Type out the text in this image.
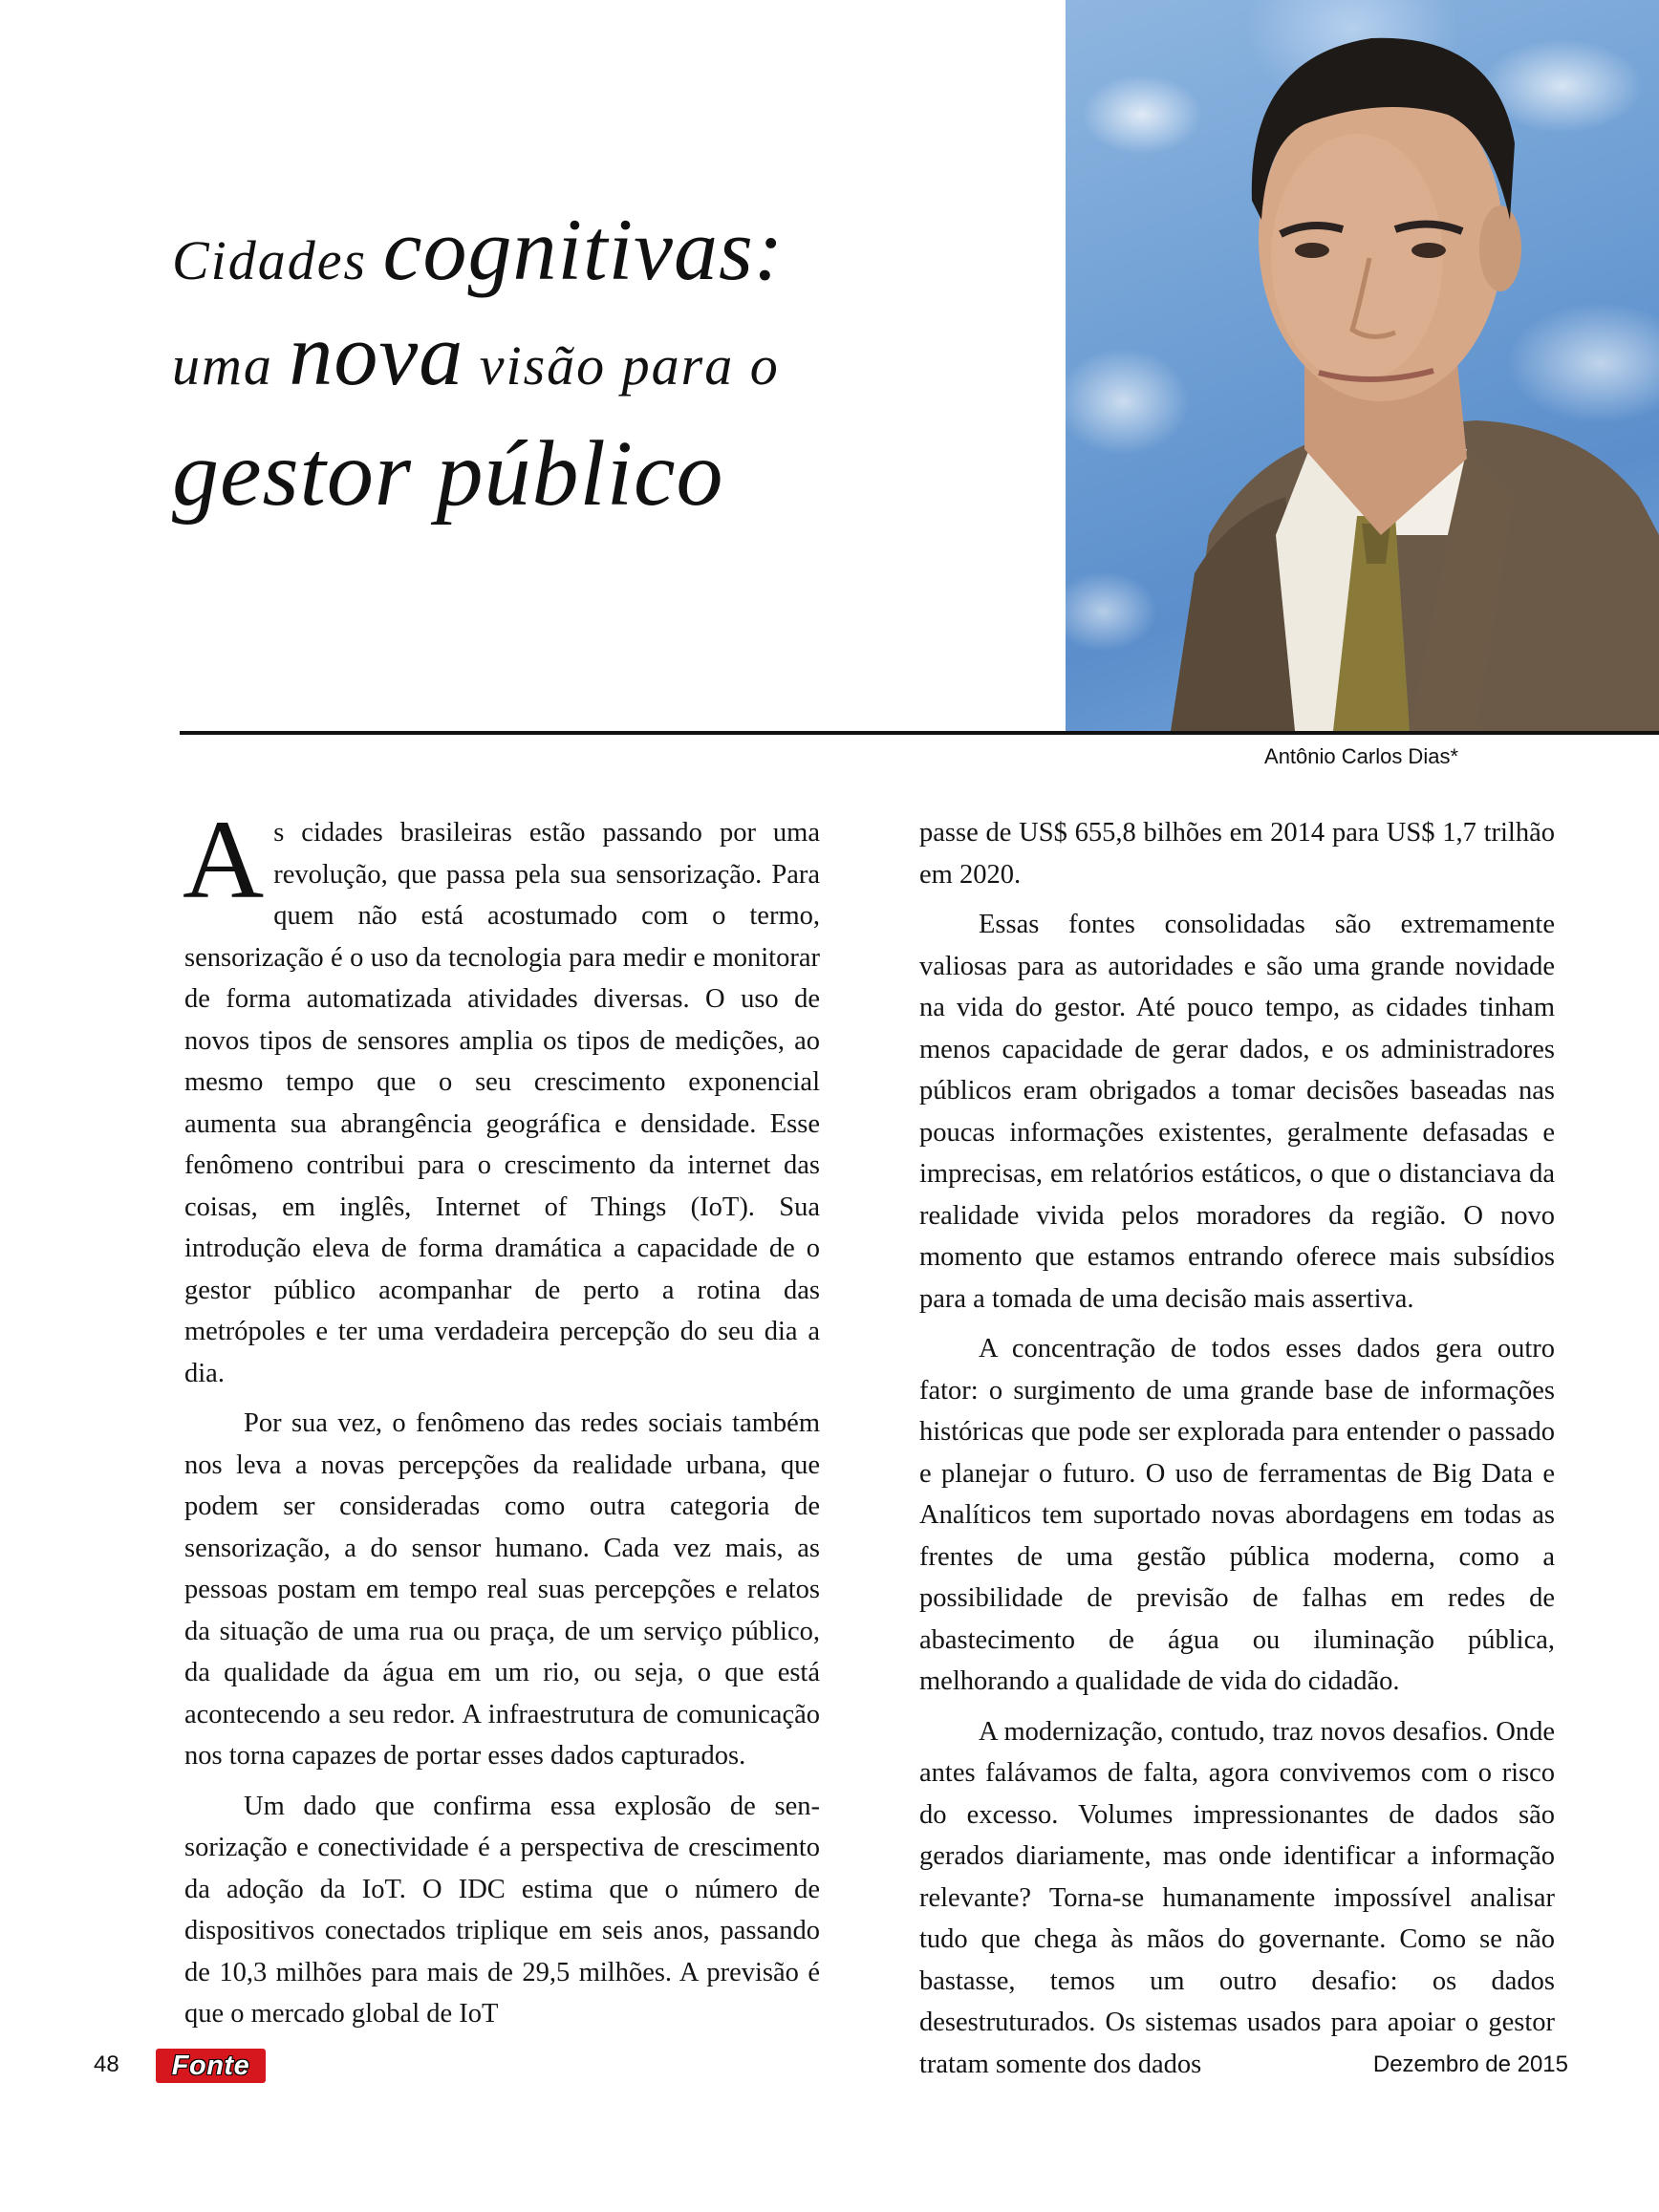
Cidades cognitivas:
uma nova visão para o
gestor público
Antônio Carlos Dias*

As cidades brasileiras estão passando por uma revolução, que passa pela sua sensorização. Para quem não está acostumado com o termo, sensorização é o uso da tecnologia para medir e monitorar de forma automatizada atividades diversas. O uso de novos tipos de sensores amplia os tipos de medições, ao mesmo tempo que o seu crescimento exponencial aumenta sua abrangência geográfica e densidade. Esse fenômeno contribui para o crescimento da internet das coisas, em inglês, Internet of Things (IoT). Sua introdução eleva de forma dramática a capacidade de o gestor público acompanhar de perto a rotina das metrópoles e ter uma verdadeira percepção do seu dia a dia.

Por sua vez, o fenômeno das redes sociais também nos leva a novas percepções da realidade urbana, que podem ser consideradas como outra categoria de sensorização, a do sensor humano. Cada vez mais, as pessoas postam em tempo real suas percepções e relatos da situação de uma rua ou praça, de um serviço público, da qualidade da água em um rio, ou seja, o que está acontecendo a seu redor. A infraestrutura de comunicação nos torna capazes de portar esses dados capturados.

Um dado que confirma essa explosão de sensorização e conectividade é a perspectiva de crescimento da adoção da IoT. O IDC estima que o número de dispositivos conectados triplique em seis anos, passando de 10,3 milhões para mais de 29,5 milhões. A previsão é que o mercado global de IoT

passe de US$ 655,8 bilhões em 2014 para US$ 1,7 trilhão em 2020.

Essas fontes consolidadas são extremamente valiosas para as autoridades e são uma grande novidade na vida do gestor. Até pouco tempo, as cidades tinham menos capacidade de gerar dados, e os administradores públicos eram obrigados a tomar decisões baseadas nas poucas informações existentes, geralmente defasadas e imprecisas, em relatórios estáticos, o que o distanciava da realidade vivida pelos moradores da região. O novo momento que estamos entrando oferece mais subsídios para a tomada de uma decisão mais assertiva.

A concentração de todos esses dados gera outro fator: o surgimento de uma grande base de informações históricas que pode ser explorada para entender o passado e planejar o futuro. O uso de ferramentas de Big Data e Analíticos tem suportado novas abordagens em todas as frentes de uma gestão pública moderna, como a possibilidade de previsão de falhas em redes de abastecimento de água ou iluminação pública, melhorando a qualidade de vida do cidadão.

A modernização, contudo, traz novos desafios. Onde antes falávamos de falta, agora convivemos com o risco do excesso. Volumes impressionantes de dados são gerados diariamente, mas onde identificar a informação relevante? Torna-se humanamente impossível analisar tudo que chega às mãos do governante. Como se não bastasse, temos um outro desafio: os dados desestruturados. Os sistemas usados para apoiar o gestor tratam somente dos dados

48	Fonte	Dezembro de 2015
